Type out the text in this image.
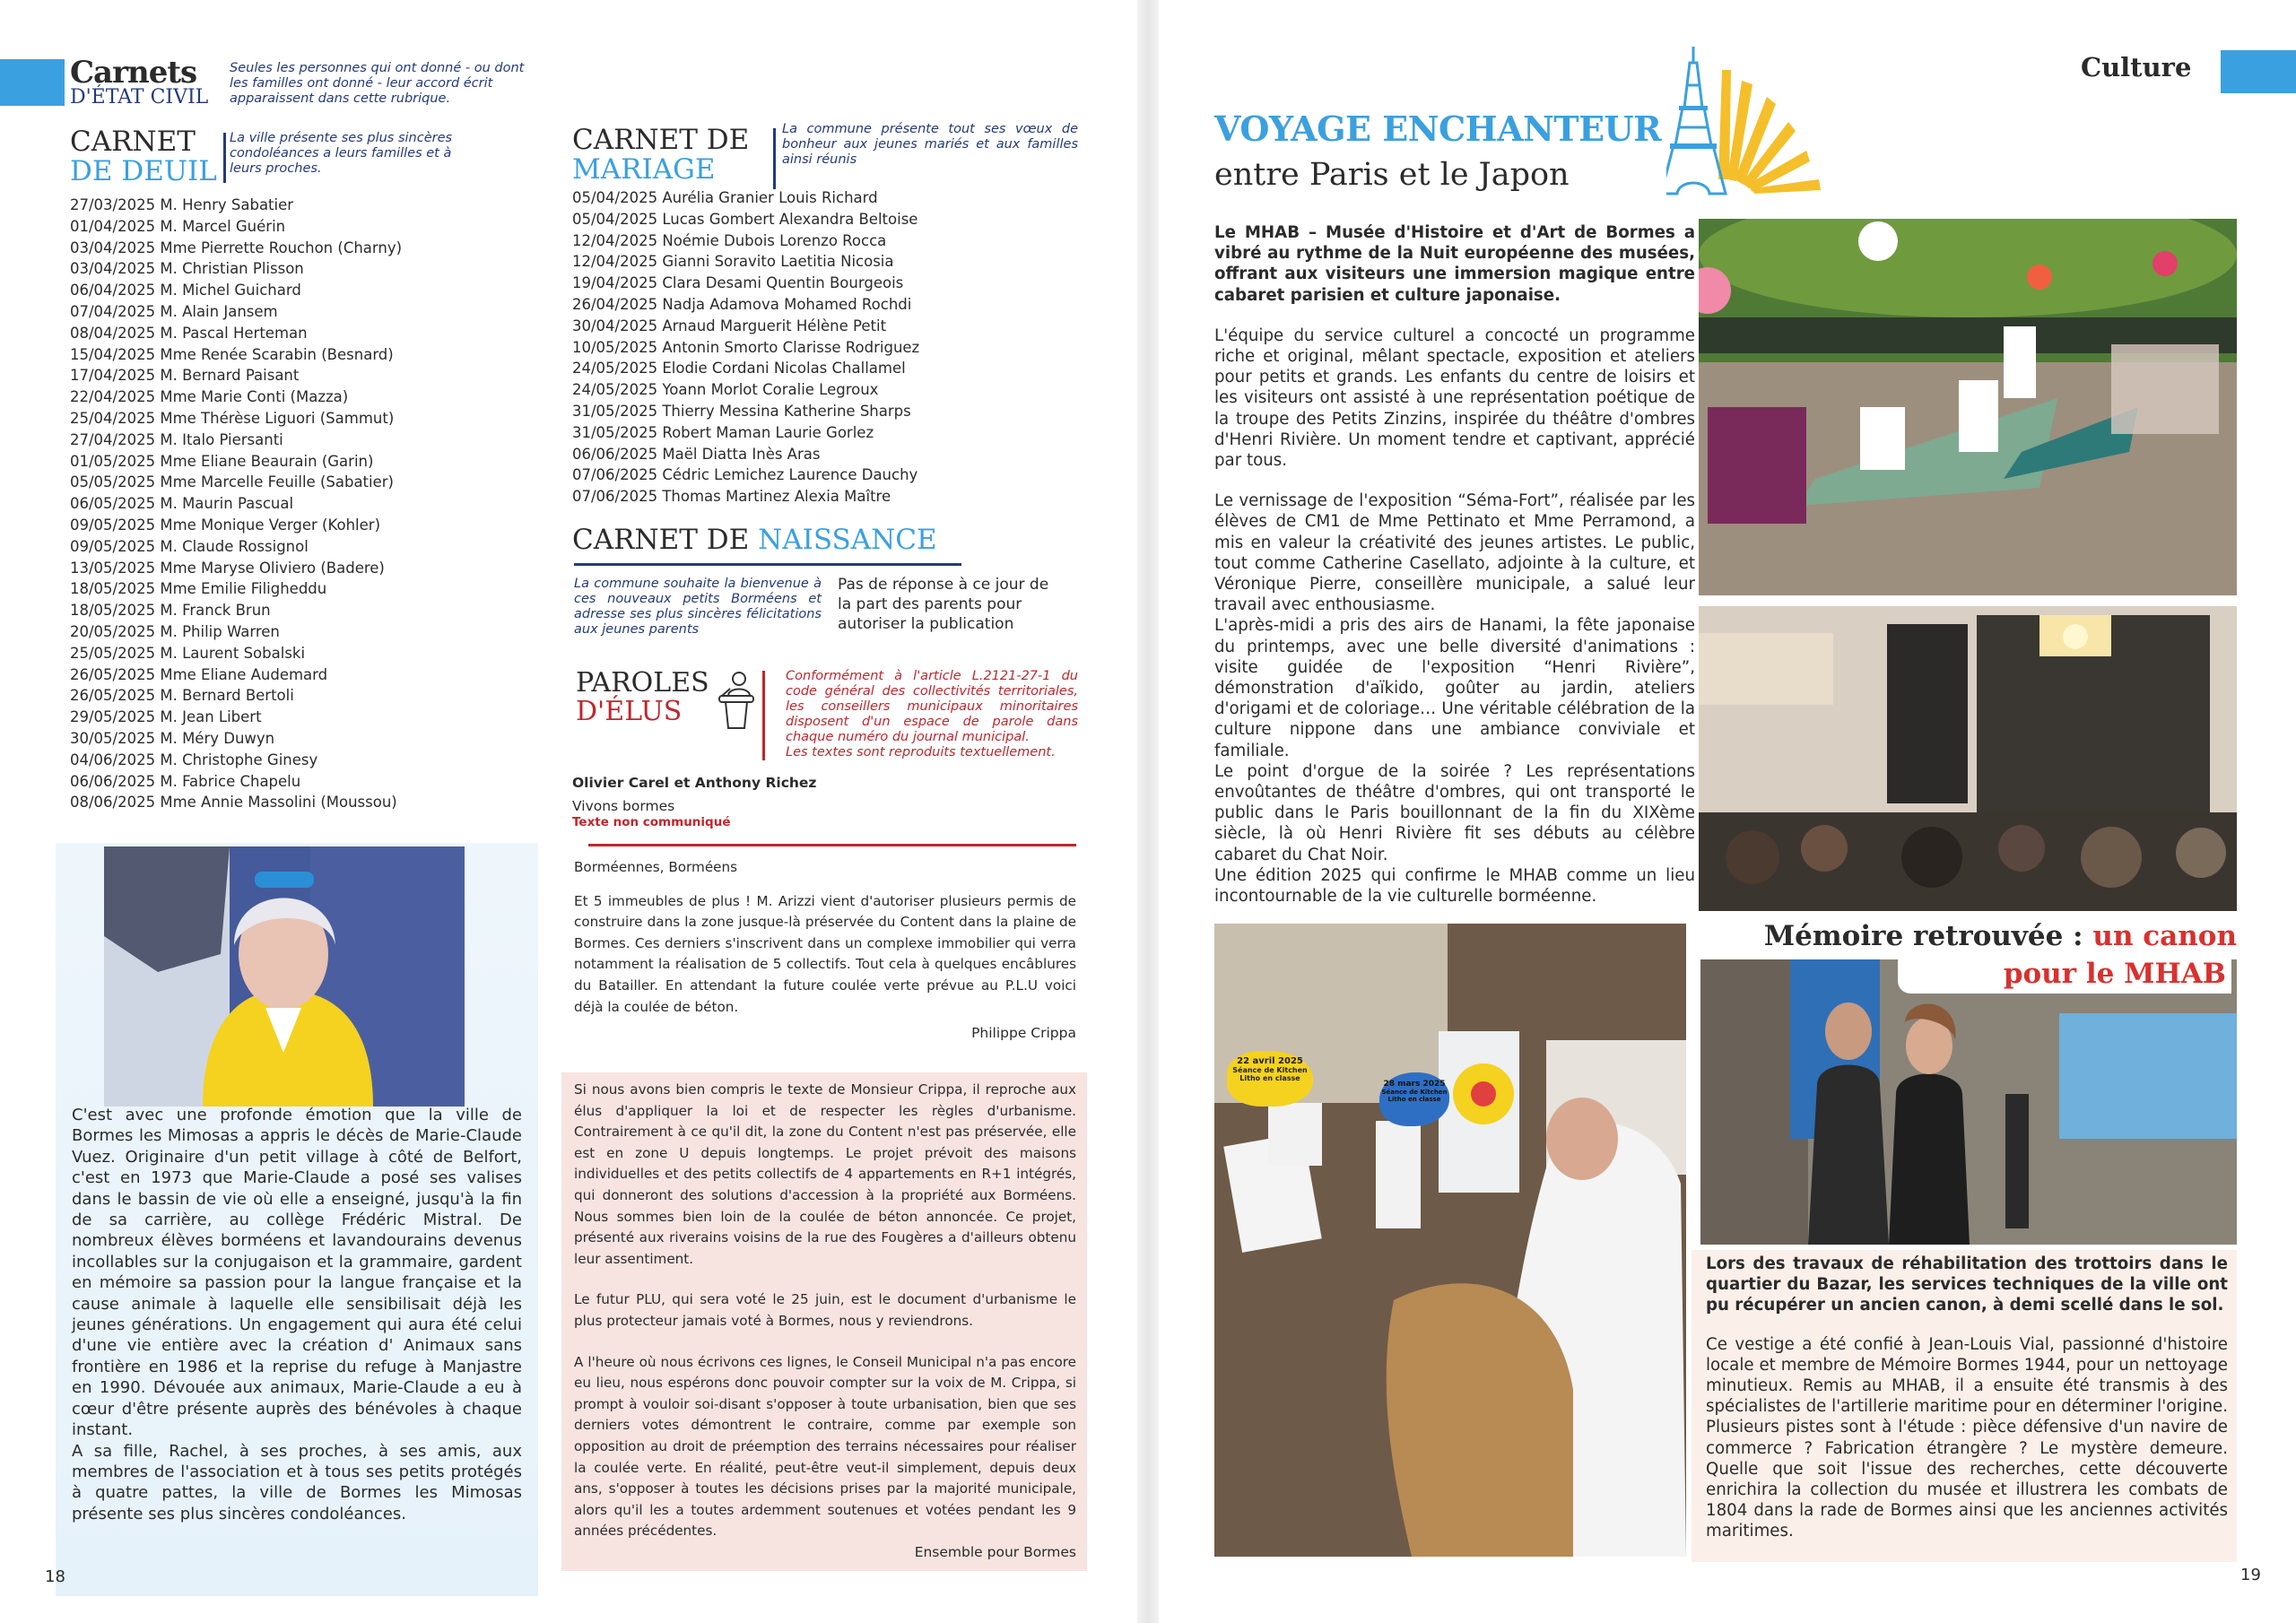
Carnets
D'ÉTAT CIVIL
Seules les personnes qui ont donné - ou dont les familles ont donné - leur accord écrit apparaissent dans cette rubrique.
CARNET
DE DEUIL
La ville présente ses plus sincères condoléances a leurs familles et à leurs proches.
27/03/2025 M. Henry Sabatier
01/04/2025 M. Marcel Guérin
03/04/2025 Mme Pierrette Rouchon (Charny)
03/04/2025 M. Christian Plisson
06/04/2025 M. Michel Guichard
07/04/2025 M. Alain Jansem
08/04/2025 M. Pascal Herteman
15/04/2025 Mme Renée Scarabin (Besnard)
17/04/2025 M. Bernard Paisant
22/04/2025 Mme Marie Conti (Mazza)
25/04/2025 Mme Thérèse Liguori (Sammut)
27/04/2025 M. Italo Piersanti
01/05/2025 Mme Eliane Beaurain (Garin)
05/05/2025 Mme Marcelle Feuille (Sabatier)
06/05/2025 M. Maurin Pascual
09/05/2025 Mme Monique Verger (Kohler)
09/05/2025 M. Claude Rossignol
13/05/2025 Mme Maryse Oliviero (Badere)
18/05/2025 Mme Emilie Filigheddu
18/05/2025 M. Franck Brun
20/05/2025 M. Philip Warren
25/05/2025 M. Laurent Sobalski
26/05/2025 Mme Eliane Audemard
26/05/2025 M. Bernard Bertoli
29/05/2025 M. Jean Libert
30/05/2025 M. Méry Duwyn
04/06/2025 M. Christophe Ginesy
06/06/2025 M. Fabrice Chapelu
08/06/2025 Mme Annie Massolini (Moussou)

C'est avec une profonde émotion que la ville de Bormes les Mimosas a appris le décès de Marie-Claude Vuez. Originaire d'un petit village à côté de Belfort, c'est en 1973 que Marie-Claude a posé ses valises dans le bassin de vie où elle a enseigné, jusqu'à la fin de sa carrière, au collège Frédéric Mistral. De nombreux élèves borméens et lavandourains devenus incollables sur la conjugaison et la grammaire, gardent en mémoire sa passion pour la langue française et la cause animale à laquelle elle sensibilisait déjà les jeunes générations. Un engagement qui aura été celui d'une vie entière avec la création d' Animaux sans frontière en 1986 et la reprise du refuge à Manjastre en 1990. Dévouée aux animaux, Marie-Claude a eu à cœur d'être présente auprès des bénévoles à chaque instant.

A sa fille, Rachel, à ses proches, à ses amis, aux membres de l'association et à tous ses petits protégés à quatre pattes, la ville de Bormes les Mimosas présente ses plus sincères condoléances.

18
CARNET DE
MARIAGE
La commune présente tout ses vœux de bonheur aux jeunes mariés et aux familles ainsi réunis
05/04/2025 Aurélia Granier Louis Richard
05/04/2025 Lucas Gombert Alexandra Beltoise
12/04/2025 Noémie Dubois Lorenzo Rocca
12/04/2025 Gianni Soravito Laetitia Nicosia
19/04/2025 Clara Desami Quentin Bourgeois
26/04/2025 Nadja Adamova Mohamed Rochdi
30/04/2025 Arnaud Marguerit Hélène Petit
10/05/2025 Antonin Smorto Clarisse Rodriguez
24/05/2025 Elodie Cordani Nicolas Challamel
24/05/2025 Yoann Morlot Coralie Legroux
31/05/2025 Thierry Messina Katherine Sharps
31/05/2025 Robert Maman Laurie Gorlez
06/06/2025 Maël Diatta Inès Aras
07/06/2025 Cédric Lemichez Laurence Dauchy
07/06/2025 Thomas Martinez Alexia Maître
CARNET DE NAISSANCE
La commune souhaite la bienvenue à ces nouveaux petits Borméens et adresse ses plus sincères félicitations aux jeunes parents
Pas de réponse à ce jour de la part des parents pour autoriser la publication
PAROLES
D'ÉLUS
Conformément à l'article L.2121-27-1 du code général des collectivités territoriales, les conseillers municipaux minoritaires disposent d'un espace de parole dans chaque numéro du journal municipal.
Les textes sont reproduits textuellement.
Olivier Carel et Anthony Richez
Vivons bormes
Texte non communiqué

Borméennes, Borméens

Et 5 immeubles de plus ! M. Arizzi vient d'autoriser plusieurs permis de construire dans la zone jusque-là préservée du Content dans la plaine de Bormes. Ces derniers s'inscrivent dans un complexe immobilier qui verra notamment la réalisation de 5 collectifs. Tout cela à quelques encâblures du Batailler. En attendant la future coulée verte prévue au P.L.U voici déjà la coulée de béton.

Philippe Crippa

Si nous avons bien compris le texte de Monsieur Crippa, il reproche aux élus d'appliquer la loi et de respecter les règles d'urbanisme. Contrairement à ce qu'il dit, la zone du Content n'est pas préservée, elle est en zone U depuis longtemps. Le projet prévoit des maisons individuelles et des petits collectifs de 4 appartements en R+1 intégrés, qui donneront des solutions d'accession à la propriété aux Borméens. Nous sommes bien loin de la coulée de béton annoncée. Ce projet, présenté aux riverains voisins de la rue des Fougères a d'ailleurs obtenu leur assentiment.

Le futur PLU, qui sera voté le 25 juin, est le document d'urbanisme le plus protecteur jamais voté à Bormes, nous y reviendrons.

A l'heure où nous écrivons ces lignes, le Conseil Municipal n'a pas encore eu lieu, nous espérons donc pouvoir compter sur la voix de M. Crippa, si prompt à vouloir soi-disant s'opposer à toute urbanisation, bien que ses derniers votes démontrent le contraire, comme par exemple son opposition au droit de préemption des terrains nécessaires pour réaliser la coulée verte. En réalité, peut-être veut-il simplement, depuis deux ans, s'opposer à toutes les décisions prises par la majorité municipale, alors qu'il les a toutes ardemment soutenues et votées pendant les 9 années précédentes.

Ensemble pour Bormes
Culture
VOYAGE ENCHANTEUR
entre Paris et le Japon

Le MHAB – Musée d'Histoire et d'Art de Bormes a vibré au rythme de la Nuit européenne des musées, offrant aux visiteurs une immersion magique entre cabaret parisien et culture japonaise.

L'équipe du service culturel a concocté un programme riche et original, mêlant spectacle, exposition et ateliers pour petits et grands. Les enfants du centre de loisirs et les visiteurs ont assisté à une représentation poétique de la troupe des Petits Zinzins, inspirée du théâtre d'ombres d'Henri Rivière. Un moment tendre et captivant, apprécié par tous.

Le vernissage de l'exposition “Séma-Fort”, réalisée par les élèves de CM1 de Mme Pettinato et Mme Perramond, a mis en valeur la créativité des jeunes artistes. Le public, tout comme Catherine Casellato, adjointe à la culture, et Véronique Pierre, conseillère municipale, a salué leur travail avec enthousiasme.

L'après-midi a pris des airs de Hanami, la fête japonaise du printemps, avec une belle diversité d'animations : visite guidée de l'exposition “Henri Rivière”, démonstration d'aïkido, goûter au jardin, ateliers d'origami et de coloriage… Une véritable célébration de la culture nippone dans une ambiance conviviale et familiale.

Le point d'orgue de la soirée ? Les représentations envoûtantes de théâtre d'ombres, qui ont transporté le public dans le Paris bouillonnant de la fin du XIXème siècle, là où Henri Rivière fit ses débuts au célèbre cabaret du Chat Noir.

Une édition 2025 qui confirme le MHAB comme un lieu incontournable de la vie culturelle borméenne.

22 avril 2025
Séance de Kitchen Litho en classe
28 mars 2025
Séance de Kitchen Litho en classe
Mémoire retrouvée : un canon
pour le MHAB

Lors des travaux de réhabilitation des trottoirs dans le quartier du Bazar, les services techniques de la ville ont pu récupérer un ancien canon, à demi scellé dans le sol.

Ce vestige a été confié à Jean-Louis Vial, passionné d'histoire locale et membre de Mémoire Bormes 1944, pour un nettoyage minutieux. Remis au MHAB, il a ensuite été transmis à des spécialistes de l'artillerie maritime pour en déterminer l'origine. Plusieurs pistes sont à l'étude : pièce défensive d'un navire de commerce ? Fabrication étrangère ? Le mystère demeure. Quelle que soit l'issue des recherches, cette découverte enrichira la collection du musée et illustrera les combats de 1804 dans la rade de Bormes ainsi que les anciennes activités maritimes.

19
